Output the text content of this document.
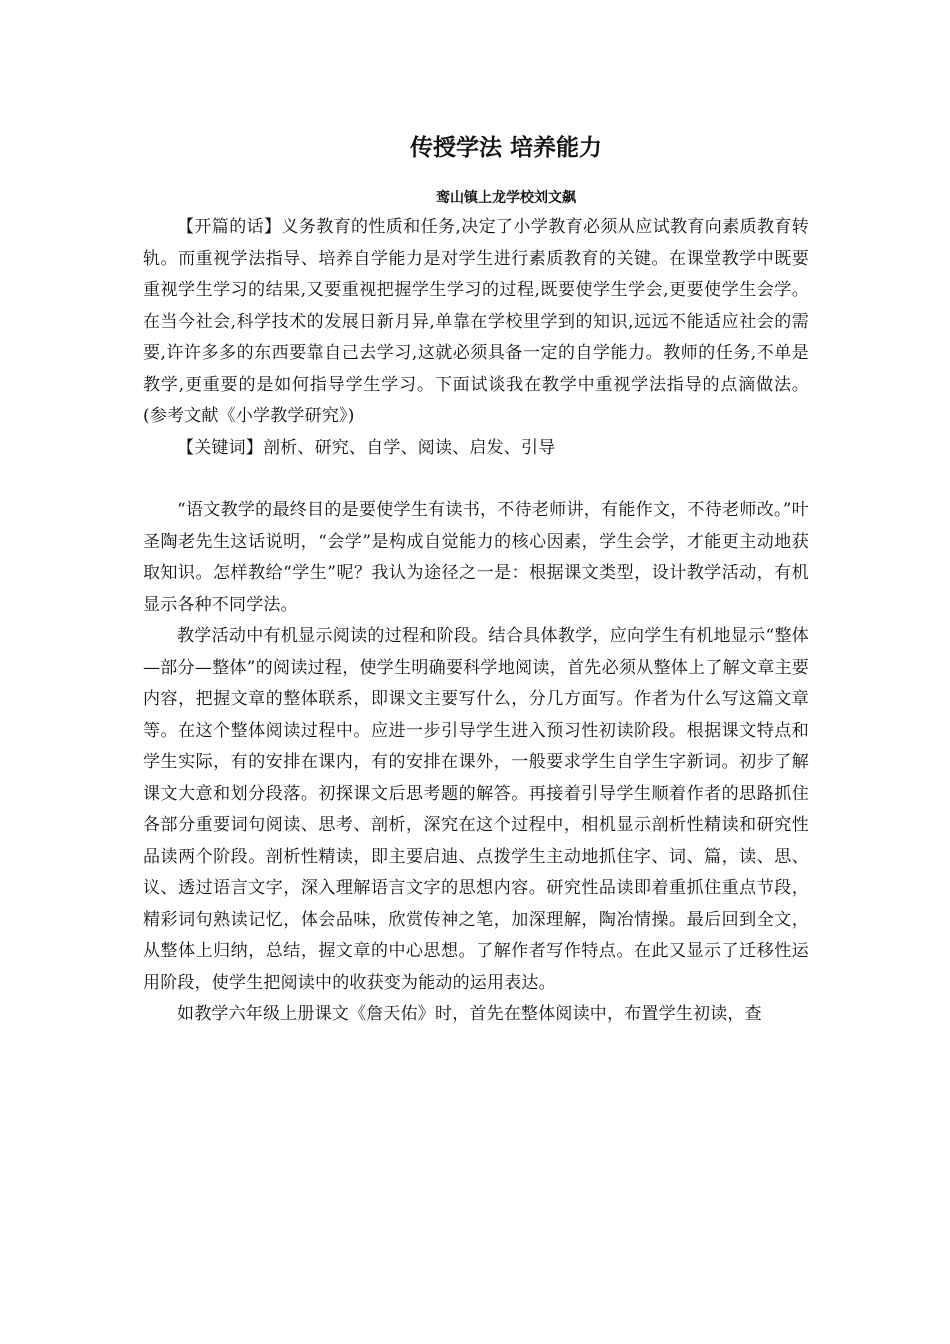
传授学法 培养能力
鸾山镇上龙学校刘文飙

【开篇的话】义务教育的性质和任务,决定了小学教育必须从应试教育向素质教育转轨。而重视学法指导、培养自学能力是对学生进行素质教育的关键。在课堂教学中既要重视学生学习的结果,又要重视把握学生学习的过程,既要使学生学会,更要使学生会学。在当今社会,科学技术的发展日新月异,单靠在学校里学到的知识,远远不能适应社会的需要,许许多多的东西要靠自己去学习,这就必须具备一定的自学能力。教师的任务,不单是教学,更重要的是如何指导学生学习。下面试谈我在教学中重视学法指导的点滴做法。(参考文献《小学教学研究》)

【关键词】剖析、研究、自学、阅读、启发、引导

“语文教学的最终目的是要使学生有读书，不待老师讲，有能作文，不待老师改。”叶圣陶老先生这话说明，“会学”是构成自觉能力的核心因素，学生会学，才能更主动地获取知识。怎样教给“学生”呢？我认为途径之一是：根据课文类型，设计教学活动，有机显示各种不同学法。

教学活动中有机显示阅读的过程和阶段。结合具体教学，应向学生有机地显示“整体—部分—整体”的阅读过程，使学生明确要科学地阅读，首先必须从整体上了解文章主要内容，把握文章的整体联系，即课文主要写什么，分几方面写。作者为什么写这篇文章等。在这个整体阅读过程中。应进一步引导学生进入预习性初读阶段。根据课文特点和学生实际，有的安排在课内，有的安排在课外，一般要求学生自学生字新词。初步了解课文大意和划分段落。初探课文后思考题的解答。再接着引导学生顺着作者的思路抓住各部分重要词句阅读、思考、剖析，深究在这个过程中，相机显示剖析性精读和研究性品读两个阶段。剖析性精读，即主要启迪、点拨学生主动地抓住字、词、篇，读、思、议、透过语言文字，深入理解语言文字的思想内容。研究性品读即着重抓住重点节段，精彩词句熟读记忆，体会品味，欣赏传神之笔，加深理解，陶冶情操。最后回到全文，从整体上归纳，总结，握文章的中心思想。了解作者写作特点。在此又显示了迁移性运用阶段，使学生把阅读中的收获变为能动的运用表达。

如教学六年级上册课文《詹天佑》时，首先在整体阅读中，布置学生初读，查
